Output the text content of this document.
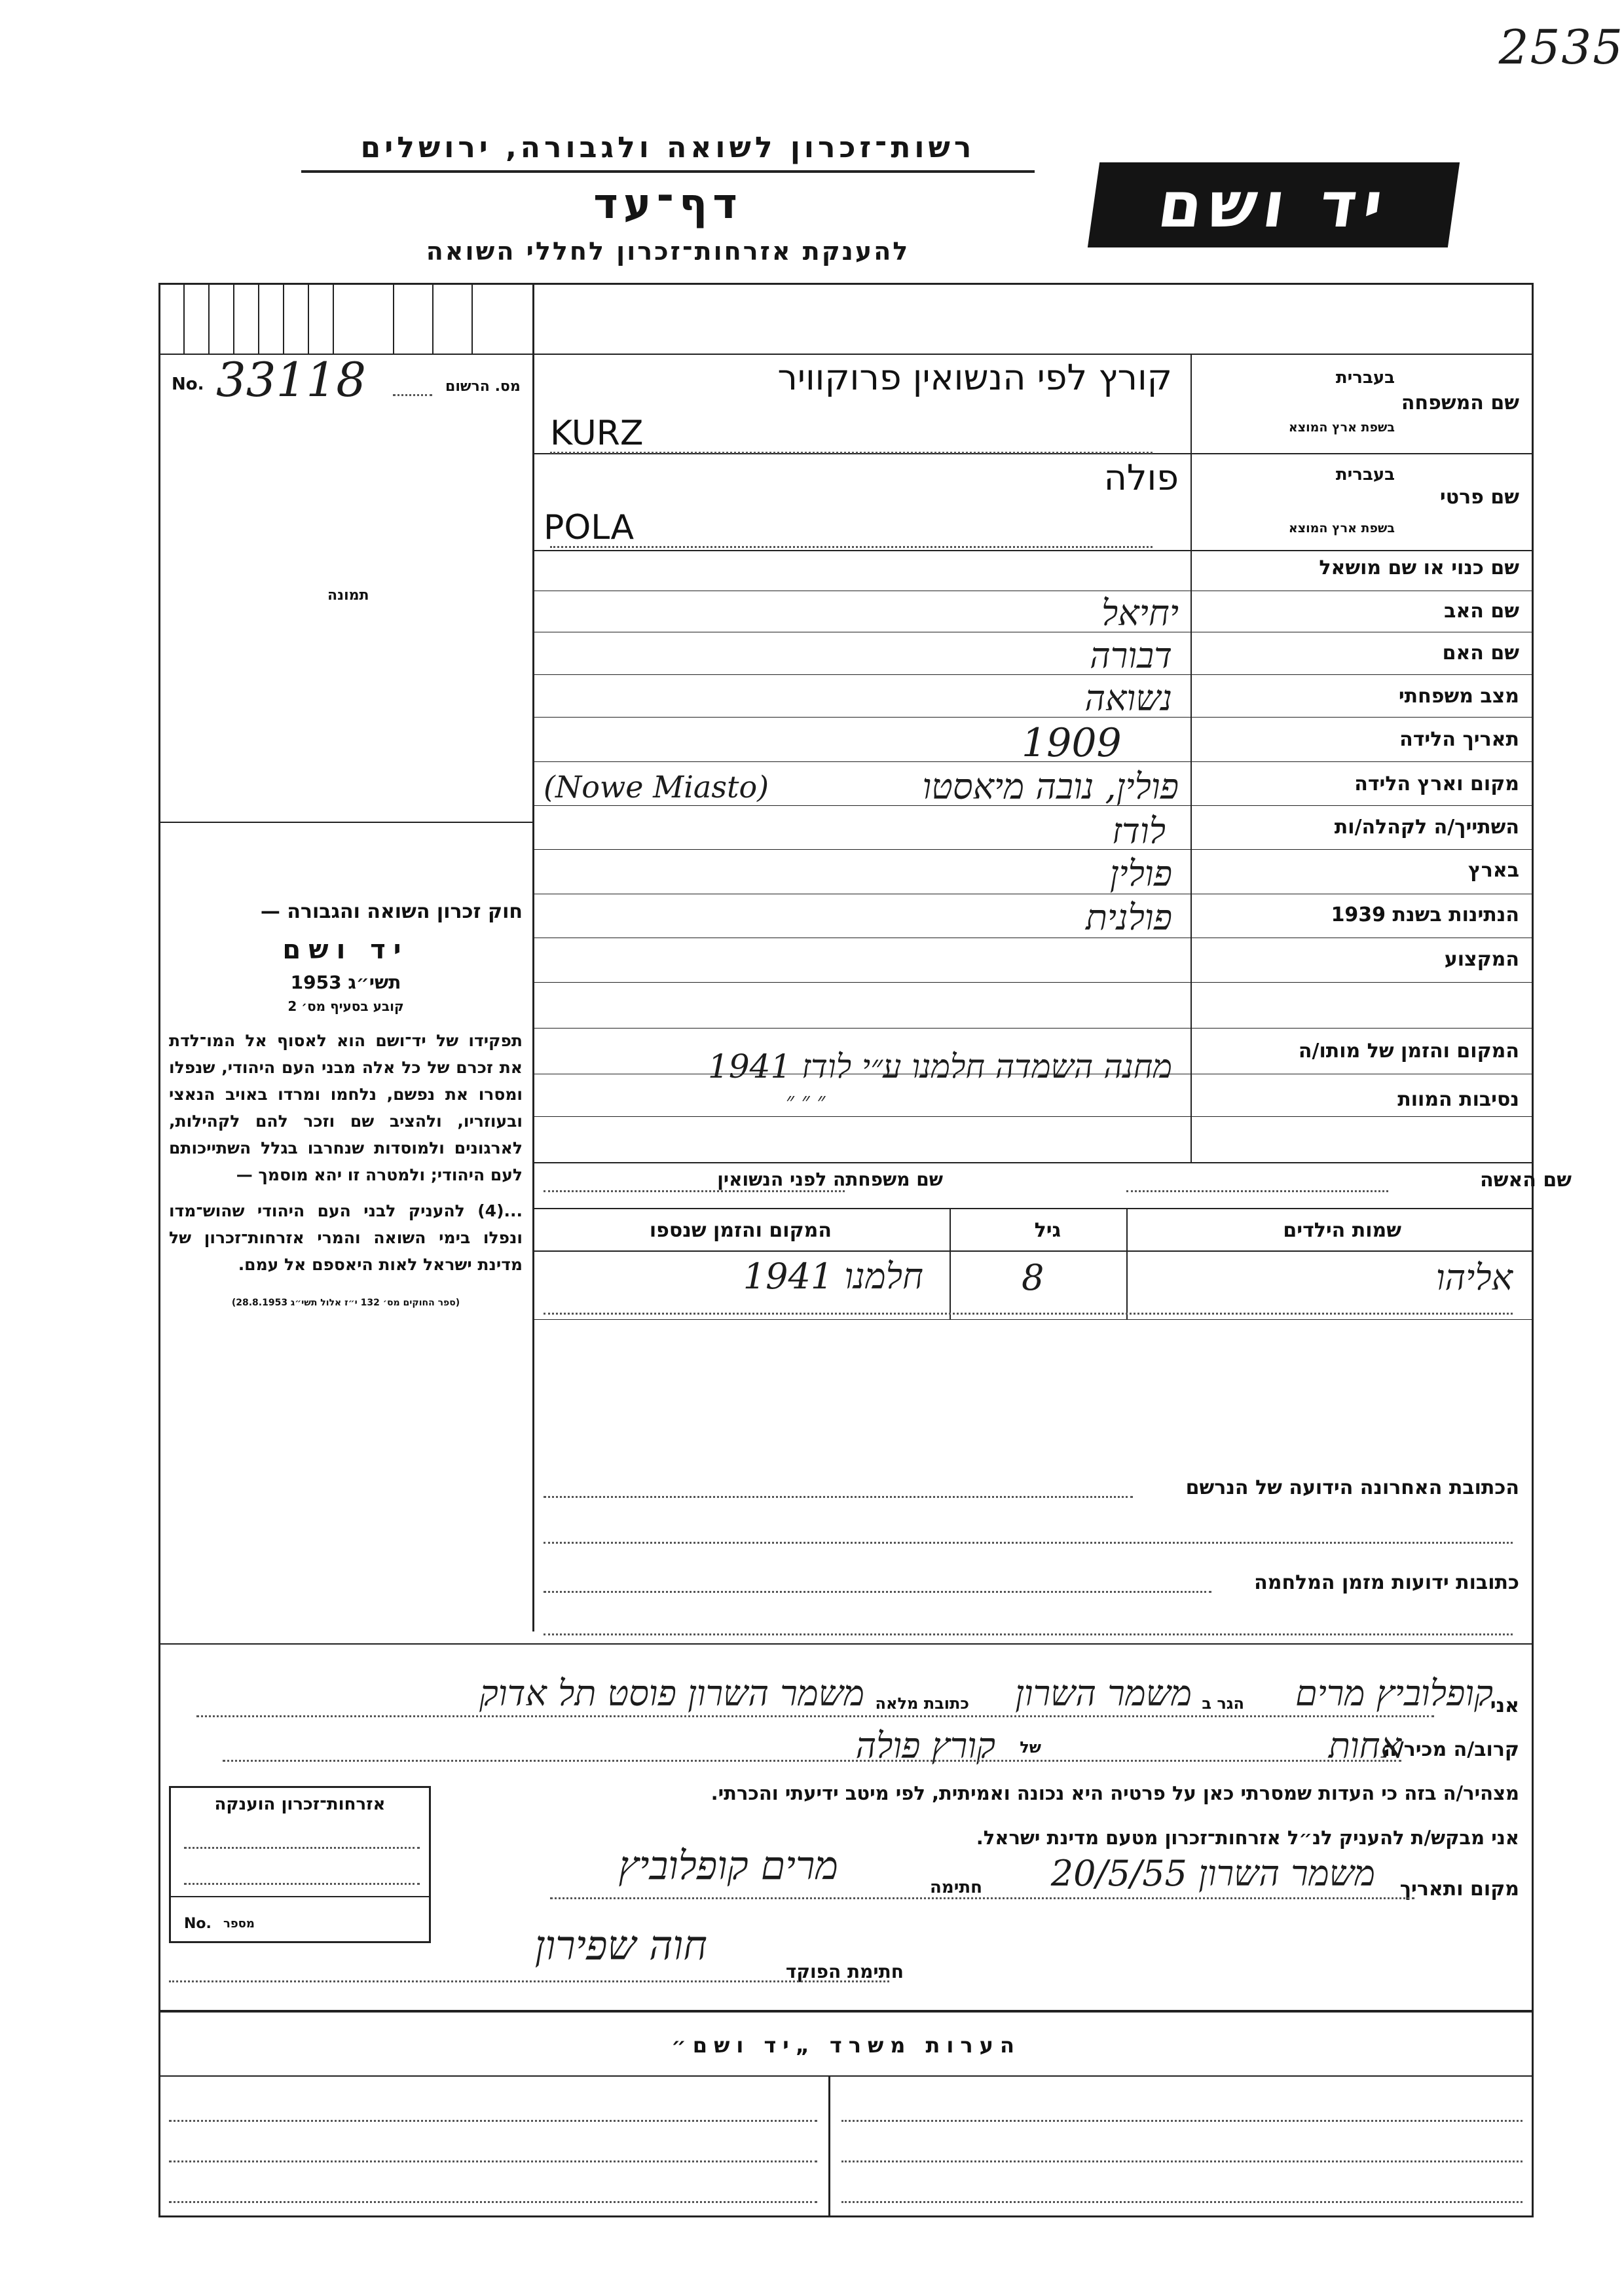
2535
רשות־זכרון לשואה ולגבורה, ירושלים
דף־עד
להענקת אזרחות־זכרון לחללי השואה
יד ושם
No. 33118	מס. הרשום
תמונה
שם המשפחה
בעברית
בשפת ארץ המוצא
קורץ לפי הנשואין פרוקוויר
KURZ
שם פרטי
בעברית
בשפת ארץ המוצא
פולה
POLA
שם כנוי או שם מושאל
שם האב
יחיאל
שם האם
דבורה
מצב משפחתי
נשואה
תאריך הלידה
1909
מקום וארץ הלידה
פולין, נובה מיאסטו
(Nowe Miasto)
השתייך/ה לקהלה/ות
לודז
בארץ
פולין
הנתינות בשנת 1939
פולנית
המקצוע
המקום והזמן של מותו/ה
מחנה השמדה חלמנו ע״י לודז 1941
נסיבות המוות
״ ״ ״
שם האשה
שם משפחתה לפני הנשואין
שמות הילדים
גיל
המקום והזמן שנספו
אליהו
8
חלמנו 1941
הכתובת האחרונה הידועה של הנרשם
כתובות ידועות מזמן המלחמה
חוק זכרון השואה והגבורה —
יד ושם
תשי״ג 1953
קובע בסעיף מס׳ 2
תפקידו של יד־ושם הוא לאסוף אל המו־לדת את זכרם של כל אלה מבני העם היהודי, שנפלו ומסרו את נפשם, נלחמו ומרדו באויב הנאצי ובעוזריו, ולהציב שם וזכר להם לקהילות, לארגונים ולמוסדות שנחרבו בגלל השתייכותם לעם היהודי; ולמטרה זו יהא מוסמך —
...(4) להעניק לבני העם היהודי שהוש־מדו ונפלו בימי השואה והמרי אזרחות־זכרון של מדינת ישראל לאות היאספם אל עמם.
(ספר החוקים מס׳ 132 י״ז אלול תשי״ג 28.8.1953)
אני
קופלוביץ מרים
הגר ב
משמר השרון
כתובת מלאה
משמר השרון פוסט תל אדוק
קרוב/ה מכיר/ה
אחות
של
קורץ פולה
מצהיר/ה בזה כי העדות שמסרתי כאן על פרטיה היא נכונה ואמיתית, לפי מיטב ידיעתי והכרתי.
אני מבקש/ת להעניק לנ״ל אזרחות־זכרון מטעם מדינת ישראל.
מקום ותאריך
משמר השרון 20/5/55
חתימה
מרים קופלוביץ
חתימת הפוקד
חוה שפירון
אזרחות־זכרון הוענקה
No. מספר
הערות משרד „יד ושם״
